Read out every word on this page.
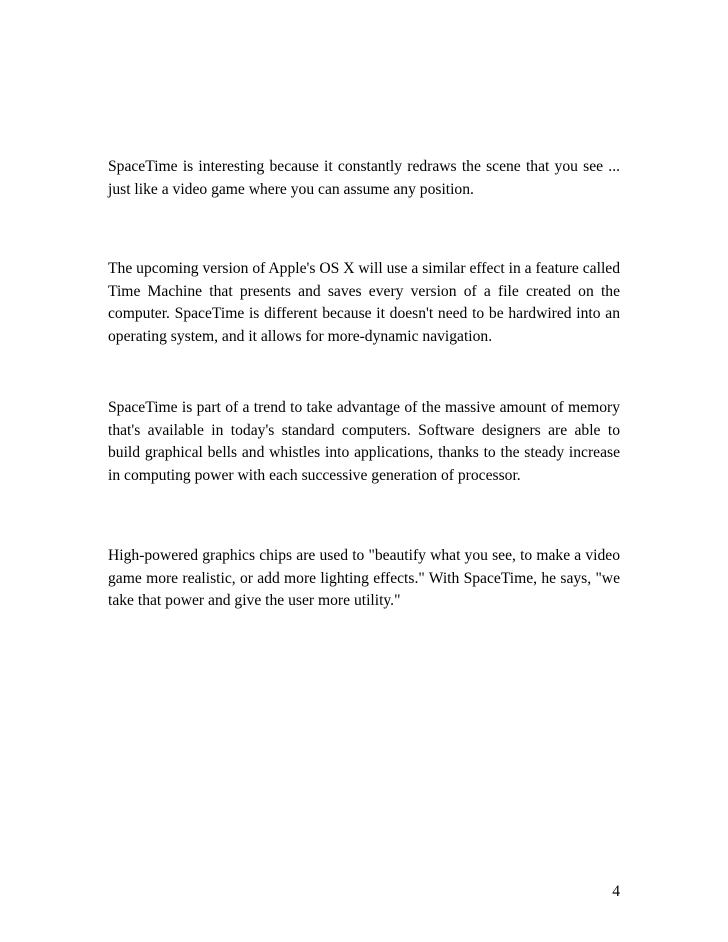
SpaceTime is interesting because it constantly redraws the scene that you see ... just like a video game where you can assume any position.

The upcoming version of Apple's OS X will use a similar effect in a feature called Time Machine that presents and saves every version of a file created on the computer. SpaceTime is different because it doesn't need to be hardwired into an operating system, and it allows for more-dynamic navigation.

SpaceTime is part of a trend to take advantage of the massive amount of memory that's available in today's standard computers. Software designers are able to build graphical bells and whistles into applications, thanks to the steady increase in computing power with each successive generation of processor.

High-powered graphics chips are used to "beautify what you see, to make a video game more realistic, or add more lighting effects." With SpaceTime, he says, "we take that power and give the user more utility."

4
